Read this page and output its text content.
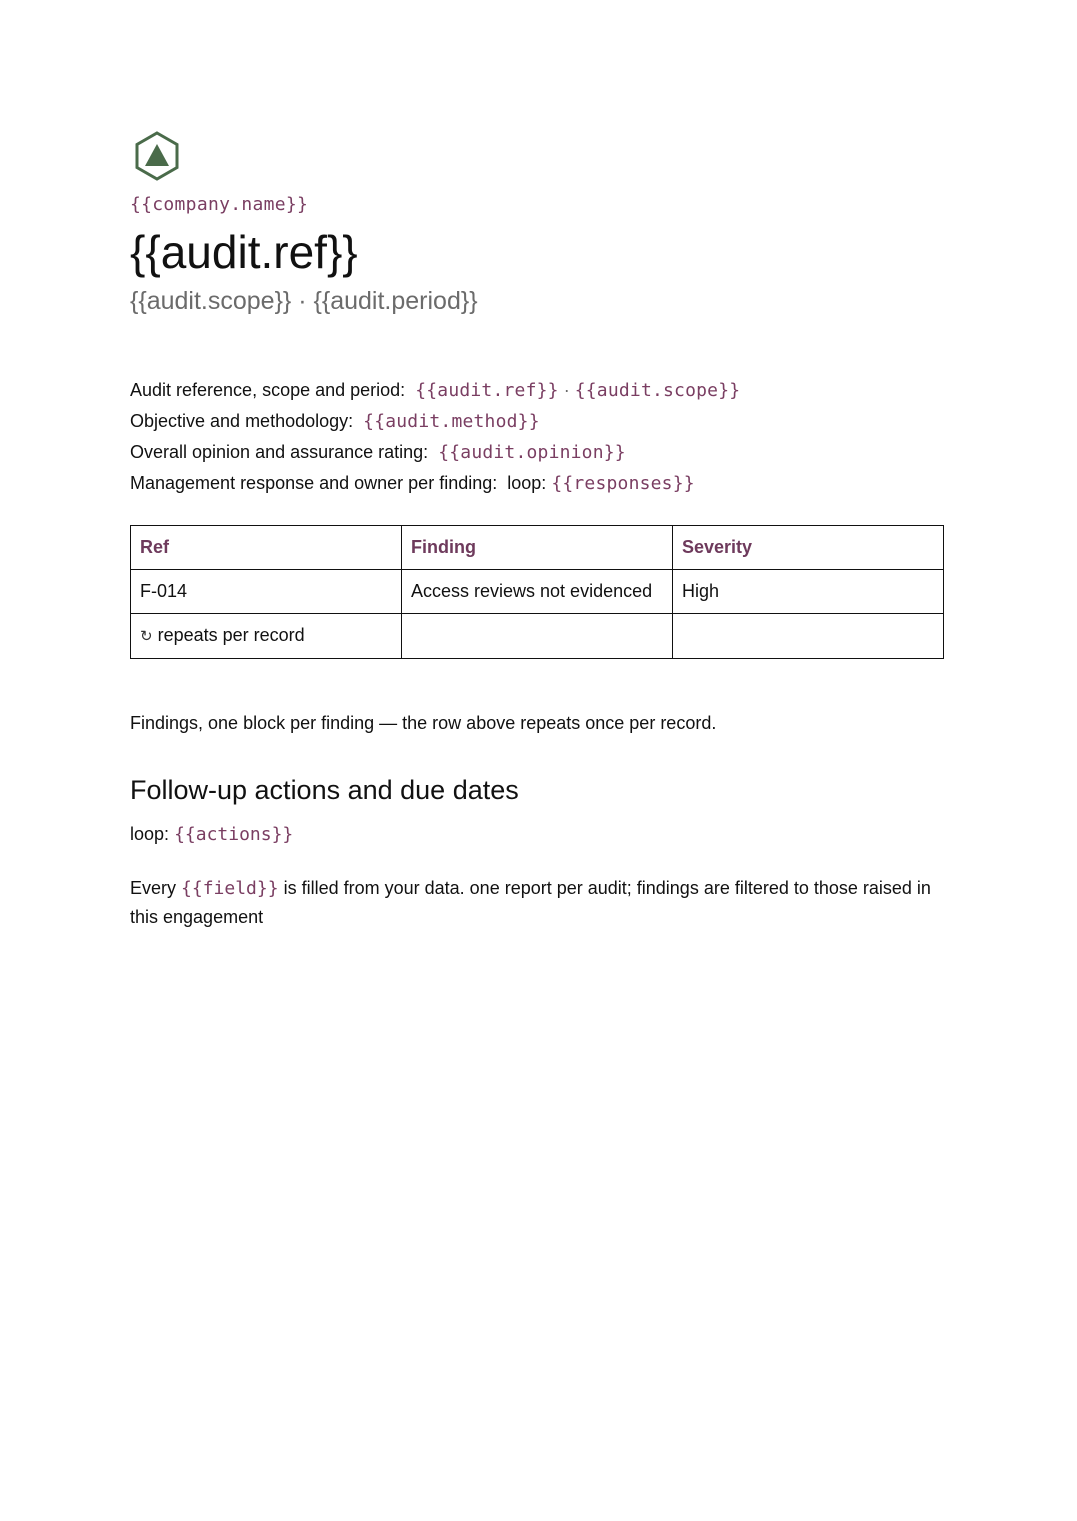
{{company.name}}
{{audit.ref}}
{{audit.scope}} · {{audit.period}}
Audit reference, scope and period: {{audit.ref}} · {{audit.scope}}
Objective and methodology: {{audit.method}}
Overall opinion and assurance rating: {{audit.opinion}}
Management response and owner per finding: loop: {{responses}}
Ref	Finding	Severity
F-014	Access reviews not evidenced	High
↻ repeats per record		
Findings, one block per finding — the row above repeats once per record.
Follow-up actions and due dates
loop: {{actions}}
Every {{field}} is filled from your data. one report per audit; findings are filtered to those raised in this engagement
